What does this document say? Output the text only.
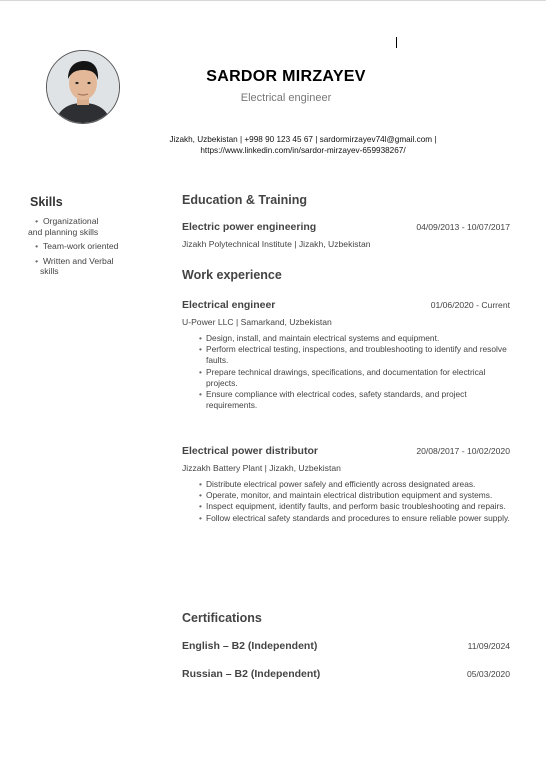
SARDOR MIRZAYEV
Electrical engineer
Jizakh, Uzbekistan | +998 90 123 45 67 | sardormirzayev74l@gmail.com |
https://www.linkedin.com/in/sardor-mirzayev-659938267/
Skills
• Organizational
and planning skills
• Team-work oriented
• Written and Verbal
skills
Education & Training
Electric power engineering	04/09/2013 - 10/07/2017
Jizakh Polytechnical Institute | Jizakh, Uzbekistan
Work experience
Electrical engineer	01/06/2020 - Current
U-Power LLC | Samarkand, Uzbekistan
• Design, install, and maintain electrical systems and equipment.
• Perform electrical testing, inspections, and troubleshooting to identify and resolve faults.
• Prepare technical drawings, specifications, and documentation for electrical projects.
• Ensure compliance with electrical codes, safety standards, and project requirements.
Electrical power distributor	20/08/2017 - 10/02/2020
Jizzakh Battery Plant | Jizakh, Uzbekistan
• Distribute electrical power safely and efficiently across designated areas.
• Operate, monitor, and maintain electrical distribution equipment and systems.
• Inspect equipment, identify faults, and perform basic troubleshooting and repairs.
• Follow electrical safety standards and procedures to ensure reliable power supply.
Certifications
English – B2 (Independent)	11/09/2024
Russian – B2 (Independent)	05/03/2020
